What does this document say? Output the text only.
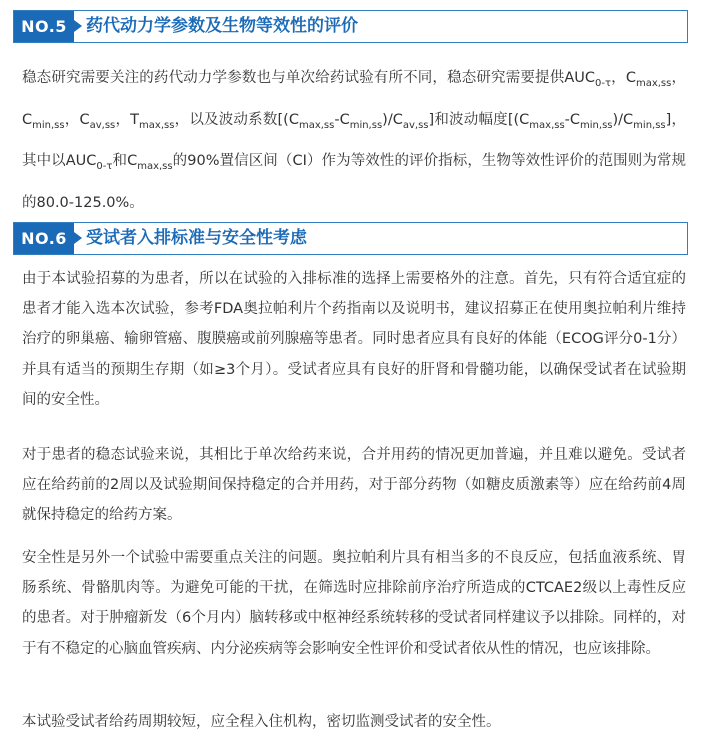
NO.5	药代动力学参数及生物等效性的评价

稳态研究需要关注的药代动力学参数也与单次给药试验有所不同，稳态研究需要提供$AUC_{0-\tau}$，$C_{max,ss}$，$C_{min,ss}$，$C_{av,ss}$，$T_{max,ss}$，以及波动系数$[(C_{max,ss}-C_{min,ss})/C_{av,ss}]$和波动幅度$[(C_{max,ss}-C_{min,ss})/C_{min,ss}]$，其中以$AUC_{0-\tau}$和$C_{max,ss}$的90%置信区间（CI）作为等效性的评价指标，生物等效性评价的范围则为常规的80.0-125.0%。

NO.6	受试者入排标准与安全性考虑

由于本试验招募的为患者，所以在试验的入排标准的选择上需要格外的注意。首先，只有符合适宜症的患者才能入选本次试验，参考FDA奥拉帕利片个药指南以及说明书，建议招募正在使用奥拉帕利片维持治疗的卵巢癌、输卵管癌、腹膜癌或前列腺癌等患者。同时患者应具有良好的体能（ECOG评分0-1分）并具有适当的预期生存期（如≥3个月）。受试者应具有良好的肝肾和骨髓功能，以确保受试者在试验期间的安全性。

对于患者的稳态试验来说，其相比于单次给药来说，合并用药的情况更加普遍，并且难以避免。受试者应在给药前的2周以及试验期间保持稳定的合并用药，对于部分药物（如糖皮质激素等）应在给药前4周就保持稳定的给药方案。

安全性是另外一个试验中需要重点关注的问题。奥拉帕利片具有相当多的不良反应，包括血液系统、胃肠系统、骨骼肌肉等。为避免可能的干扰，在筛选时应排除前序治疗所造成的CTCAE2级以上毒性反应的患者。对于肿瘤新发（6个月内）脑转移或中枢神经系统转移的受试者同样建议予以排除。同样的，对于有不稳定的心脑血管疾病、内分泌疾病等会影响安全性评价和受试者依从性的情况，也应该排除。

本试验受试者给药周期较短，应全程入住机构，密切监测受试者的安全性。
